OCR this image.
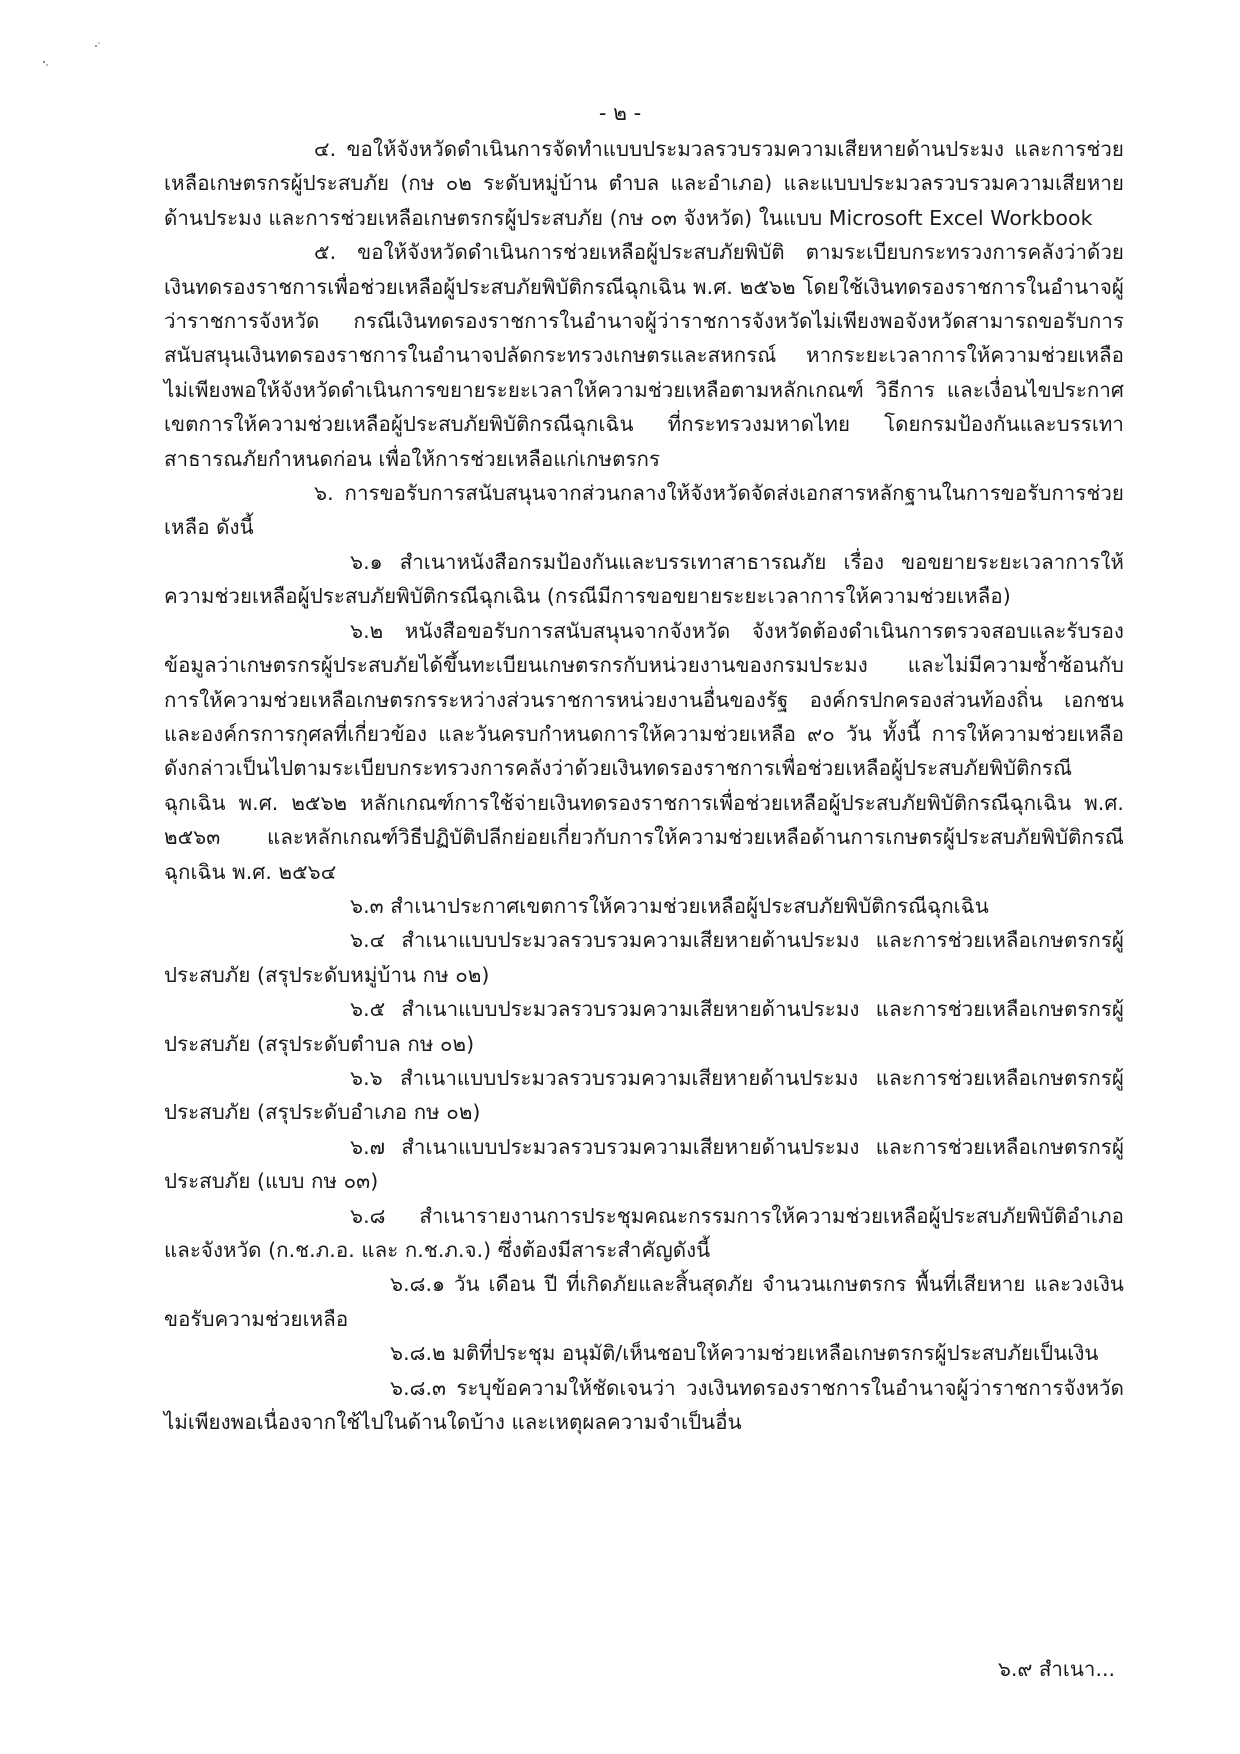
- ๒ -

๔. ขอให้จังหวัดดำเนินการจัดทำแบบประมวลรวบรวมความเสียหายด้านประมง และการช่วยเหลือเกษตรกรผู้ประสบภัย (กษ ๐๒ ระดับหมู่บ้าน ตำบล และอำเภอ) และแบบประมวลรวบรวมความเสียหายด้านประมง และการช่วยเหลือเกษตรกรผู้ประสบภัย (กษ ๐๓ จังหวัด) ในแบบ Microsoft Excel Workbook

๕. ขอให้จังหวัดดำเนินการช่วยเหลือผู้ประสบภัยพิบัติ ตามระเบียบกระทรวงการคลังว่าด้วยเงินทดรองราชการเพื่อช่วยเหลือผู้ประสบภัยพิบัติกรณีฉุกเฉิน พ.ศ. ๒๕๖๒ โดยใช้เงินทดรองราชการในอำนาจผู้ว่าราชการจังหวัด กรณีเงินทดรองราชการในอำนาจผู้ว่าราชการจังหวัดไม่เพียงพอจังหวัดสามารถขอรับการสนับสนุนเงินทดรองราชการในอำนาจปลัดกระทรวงเกษตรและสหกรณ์ หากระยะเวลาการให้ความช่วยเหลือไม่เพียงพอให้จังหวัดดำเนินการขยายระยะเวลาให้ความช่วยเหลือตามหลักเกณฑ์ วิธีการ และเงื่อนไขประกาศเขตการให้ความช่วยเหลือผู้ประสบภัยพิบัติกรณีฉุกเฉิน ที่กระทรวงมหาดไทย โดยกรมป้องกันและบรรเทาสาธารณภัยกำหนดก่อน เพื่อให้การช่วยเหลือแก่เกษตรกร

๖. การขอรับการสนับสนุนจากส่วนกลางให้จังหวัดจัดส่งเอกสารหลักฐานในการขอรับการช่วยเหลือ ดังนี้

๖.๑ สำเนาหนังสือกรมป้องกันและบรรเทาสาธารณภัย เรื่อง ขอขยายระยะเวลาการให้ความช่วยเหลือผู้ประสบภัยพิบัติกรณีฉุกเฉิน (กรณีมีการขอขยายระยะเวลาการให้ความช่วยเหลือ)

๖.๒ หนังสือขอรับการสนับสนุนจากจังหวัด จังหวัดต้องดำเนินการตรวจสอบและรับรองข้อมูลว่าเกษตรกรผู้ประสบภัยได้ขึ้นทะเบียนเกษตรกรกับหน่วยงานของกรมประมง และไม่มีความซ้ำซ้อนกับการให้ความช่วยเหลือเกษตรกรระหว่างส่วนราชการหน่วยงานอื่นของรัฐ องค์กรปกครองส่วนท้องถิ่น เอกชน และองค์กรการกุศลที่เกี่ยวข้อง และวันครบกำหนดการให้ความช่วยเหลือ ๙๐ วัน ทั้งนี้ การให้ความช่วยเหลือดังกล่าวเป็นไปตามระเบียบกระทรวงการคลังว่าด้วยเงินทดรองราชการเพื่อช่วยเหลือผู้ประสบภัยพิบัติกรณีฉุกเฉิน พ.ศ. ๒๕๖๒ หลักเกณฑ์การใช้จ่ายเงินทดรองราชการเพื่อช่วยเหลือผู้ประสบภัยพิบัติกรณีฉุกเฉิน พ.ศ. ๒๕๖๓ และหลักเกณฑ์วิธีปฏิบัติปลีกย่อยเกี่ยวกับการให้ความช่วยเหลือด้านการเกษตรผู้ประสบภัยพิบัติกรณีฉุกเฉิน พ.ศ. ๒๕๖๔

๖.๓ สำเนาประกาศเขตการให้ความช่วยเหลือผู้ประสบภัยพิบัติกรณีฉุกเฉิน

๖.๔ สำเนาแบบประมวลรวบรวมความเสียหายด้านประมง และการช่วยเหลือเกษตรกรผู้ประสบภัย (สรุประดับหมู่บ้าน กษ ๐๒)

๖.๕ สำเนาแบบประมวลรวบรวมความเสียหายด้านประมง และการช่วยเหลือเกษตรกรผู้ประสบภัย (สรุประดับตำบล กษ ๐๒)

๖.๖ สำเนาแบบประมวลรวบรวมความเสียหายด้านประมง และการช่วยเหลือเกษตรกรผู้ประสบภัย (สรุประดับอำเภอ กษ ๐๒)

๖.๗ สำเนาแบบประมวลรวบรวมความเสียหายด้านประมง และการช่วยเหลือเกษตรกรผู้ประสบภัย (แบบ กษ ๐๓)

๖.๘ สำเนารายงานการประชุมคณะกรรมการให้ความช่วยเหลือผู้ประสบภัยพิบัติอำเภอและจังหวัด (ก.ช.ภ.อ. และ ก.ช.ภ.จ.) ซึ่งต้องมีสาระสำคัญดังนี้

๖.๘.๑ วัน เดือน ปี ที่เกิดภัยและสิ้นสุดภัย จำนวนเกษตรกร พื้นที่เสียหาย และวงเงินขอรับความช่วยเหลือ

๖.๘.๒ มติที่ประชุม อนุมัติ/เห็นชอบให้ความช่วยเหลือเกษตรกรผู้ประสบภัยเป็นเงิน

๖.๘.๓ ระบุข้อความให้ชัดเจนว่า วงเงินทดรองราชการในอำนาจผู้ว่าราชการจังหวัดไม่เพียงพอเนื่องจากใช้ไปในด้านใดบ้าง และเหตุผลความจำเป็นอื่น

๖.๙ สำเนา...
